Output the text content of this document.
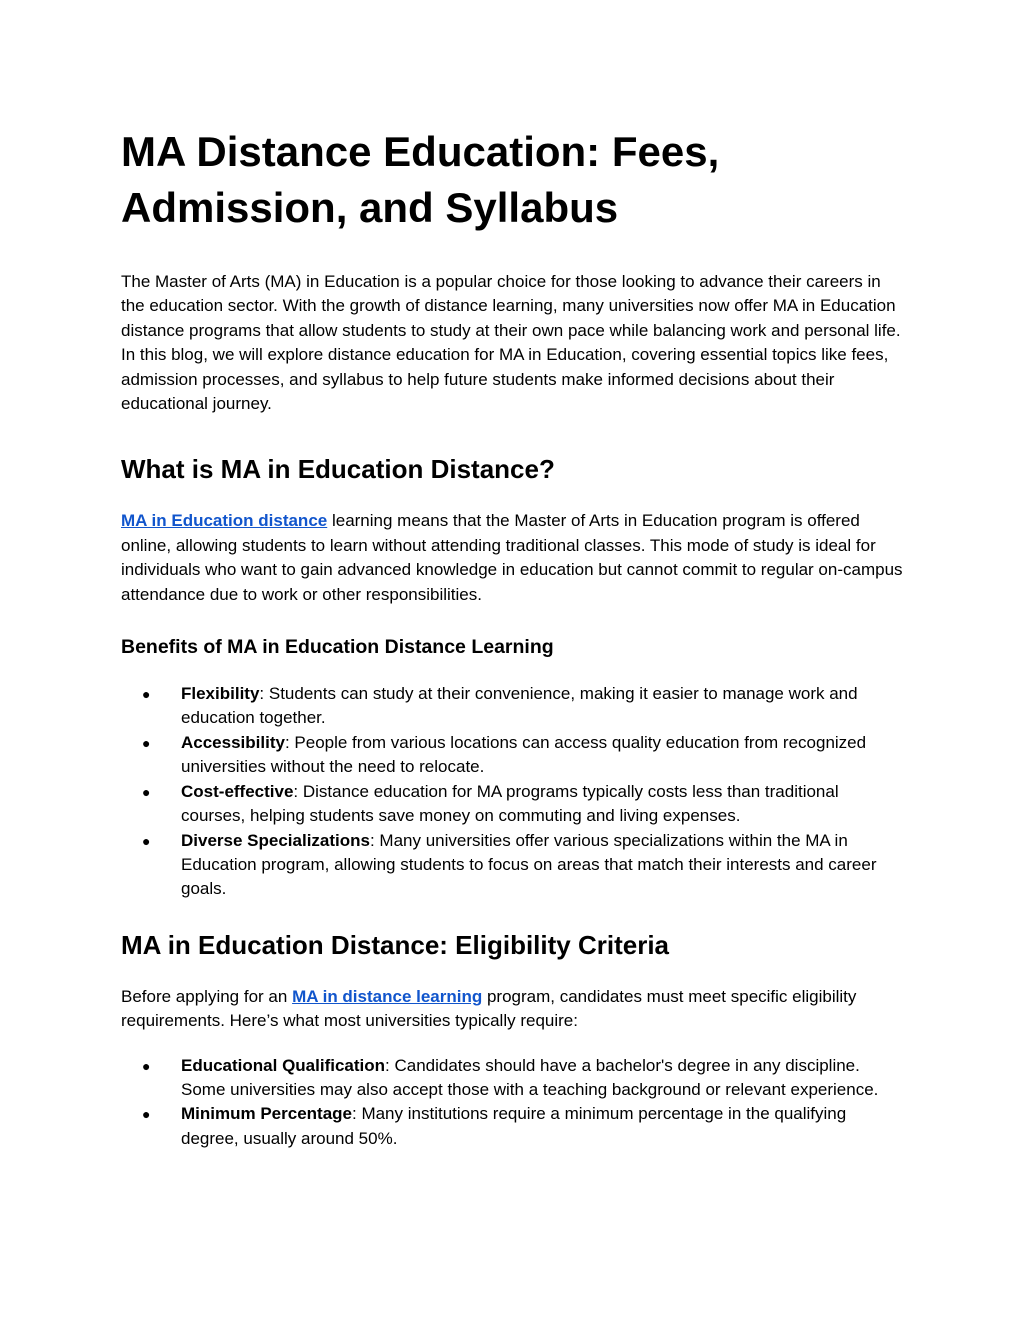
MA Distance Education: Fees, Admission, and Syllabus

The Master of Arts (MA) in Education is a popular choice for those looking to advance their careers in the education sector. With the growth of distance learning, many universities now offer MA in Education distance programs that allow students to study at their own pace while balancing work and personal life. In this blog, we will explore distance education for MA in Education, covering essential topics like fees, admission processes, and syllabus to help future students make informed decisions about their educational journey.

What is MA in Education Distance?

MA in Education distance learning means that the Master of Arts in Education program is offered online, allowing students to learn without attending traditional classes. This mode of study is ideal for individuals who want to gain advanced knowledge in education but cannot commit to regular on-campus attendance due to work or other responsibilities.

Benefits of MA in Education Distance Learning
● Flexibility: Students can study at their convenience, making it easier to manage work and education together.
● Accessibility: People from various locations can access quality education from recognized universities without the need to relocate.
● Cost-effective: Distance education for MA programs typically costs less than traditional courses, helping students save money on commuting and living expenses.
● Diverse Specializations: Many universities offer various specializations within the MA in Education program, allowing students to focus on areas that match their interests and career goals.
MA in Education Distance: Eligibility Criteria

Before applying for an MA in distance learning program, candidates must meet specific eligibility requirements. Here’s what most universities typically require:

● Educational Qualification: Candidates should have a bachelor's degree in any discipline. Some universities may also accept those with a teaching background or relevant experience.
● Minimum Percentage: Many institutions require a minimum percentage in the qualifying degree, usually around 50%.
